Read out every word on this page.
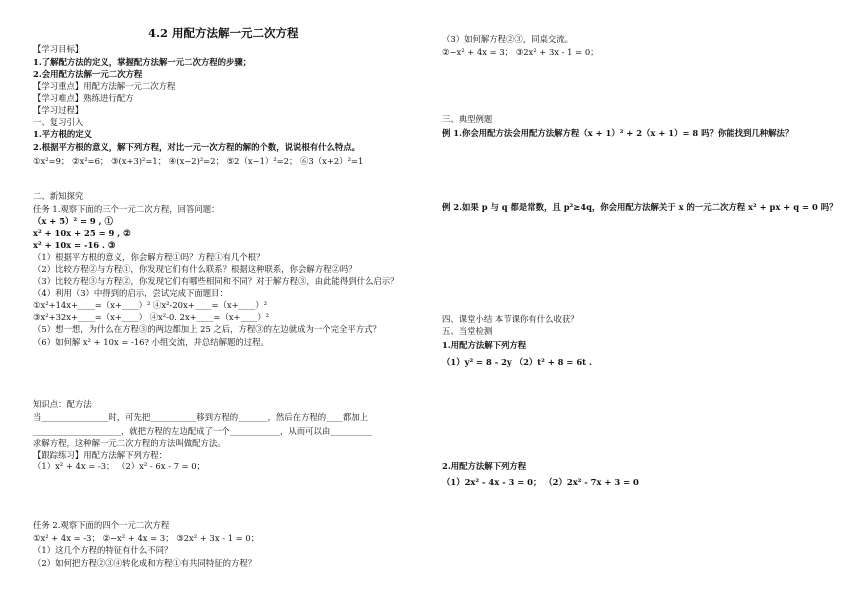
4.2 用配方法解一元二次方程
【学习目标】
1.了解配方法的定义，掌握配方法解一元二次方程的步骤；
2.会用配方法解一元二次方程
【学习重点】用配方法解一元二次方程
【学习难点】熟练进行配方
【学习过程】
一、复习引入
1.平方根的定义
2.根据平方根的意义，解下列方程，对比一元一次方程的解的个数，说说根有什么特点。
①x²=9； ②x²=6； ③(x+3)²=1； ④(x−2)²=2； ⑤2（x−1）²=2； ⑥3（x+2）²=1
二、新知探究
任务 1.观察下面的三个一元二次方程，回答问题：
（x + 5）² = 9 , ①
x² + 10x + 25 = 9 , ②
x² + 10x = -16 . ③
（1）根据平方根的意义，你会解方程①吗？方程①有几个根？
（2）比较方程②与方程①，你发现它们有什么联系？根据这种联系，你会解方程②吗？
（3）比较方程③与方程②，你发现它们有哪些相同和不同？对于解方程③，由此能得到什么启示？
（4）利用（3）中得到的启示，尝试完成下面题目：
①x²+14x+____=（x+____）² ④x²-20x+____=（x+____）²
③x²+32x+____=（x+____） ④x²-0. 2x+____=（x+____）²
（5）想一想，为什么在方程③的两边都加上 25 之后，方程③的左边就成为一个完全平方式？
（6）如何解 x² + 10x = -16? 小组交流，并总结解题的过程。
知识点：配方法
当________________时，可先把___________移到方程的_______，然后在方程的____都加上
_____________________，就把方程的左边配成了一个____________，从而可以由__________
求解方程，这种解一元二次方程的方法叫做配方法。
【跟踪练习】用配方法解下列方程：
（1）x² + 4x = -3； （2）x² - 6x - 7 = 0；
任务 2.观察下面的四个一元二次方程
①x² + 4x = -3； ②−x² + 4x = 3； ③2x² + 3x - 1 = 0；
（1）这几个方程的特征有什么不同？
（2）如何把方程②③④转化成和方程①有共同特征的方程？
（3）如何解方程②③，同桌交流。
②−x² + 4x = 3； ③2x² + 3x - 1 = 0；
三、典型例题
例 1.你会用配方法会用配方法解方程（x + 1）² + 2（x + 1）= 8 吗？你能找到几种解法？
例 2.如果 p 与 q 都是常数，且 p²≥4q，你会用配方法解关于 x 的一元二次方程 x² + px + q = 0 吗？
四、课堂小结 本节课你有什么收获？
五、当堂检测
1.用配方法解下列方程
（1）y² = 8 - 2y （2）t² + 8 = 6t .
2.用配方法解下列方程
（1）2x² - 4x - 3 = 0； （2）2x² - 7x + 3 = 0
